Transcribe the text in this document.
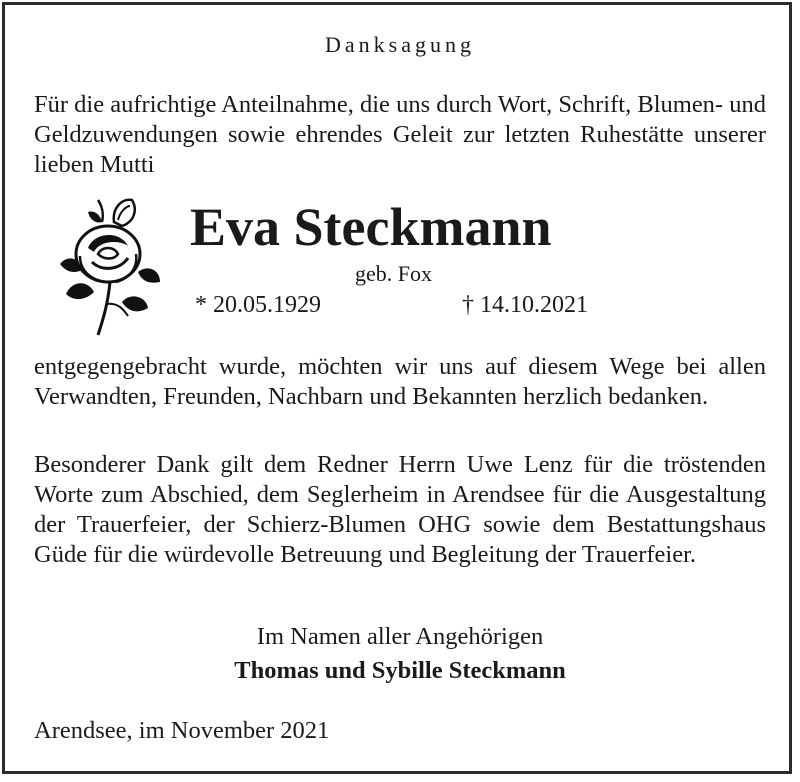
Danksagung

Für die aufrichtige Anteilnahme, die uns durch Wort, Schrift, Blumen- und Geldzuwendungen sowie ehrendes Geleit zur letzten Ruhestätte unserer lieben Mutti

Eva Steckmann
geb. Fox
* 20.05.1929	† 14.10.2021

entgegengebracht wurde, möchten wir uns auf diesem Wege bei allen Verwandten, Freunden, Nachbarn und Bekannten herzlich bedanken.

Besonderer Dank gilt dem Redner Herrn Uwe Lenz für die tröstenden Worte zum Abschied, dem Seglerheim in Arendsee für die Ausgestaltung der Trauerfeier, der Schierz-Blumen OHG sowie dem Bestattungshaus Güde für die würdevolle Betreuung und Begleitung der Trauerfeier.

Im Namen aller Angehörigen
Thomas und Sybille Steckmann
Arendsee, im November 2021
